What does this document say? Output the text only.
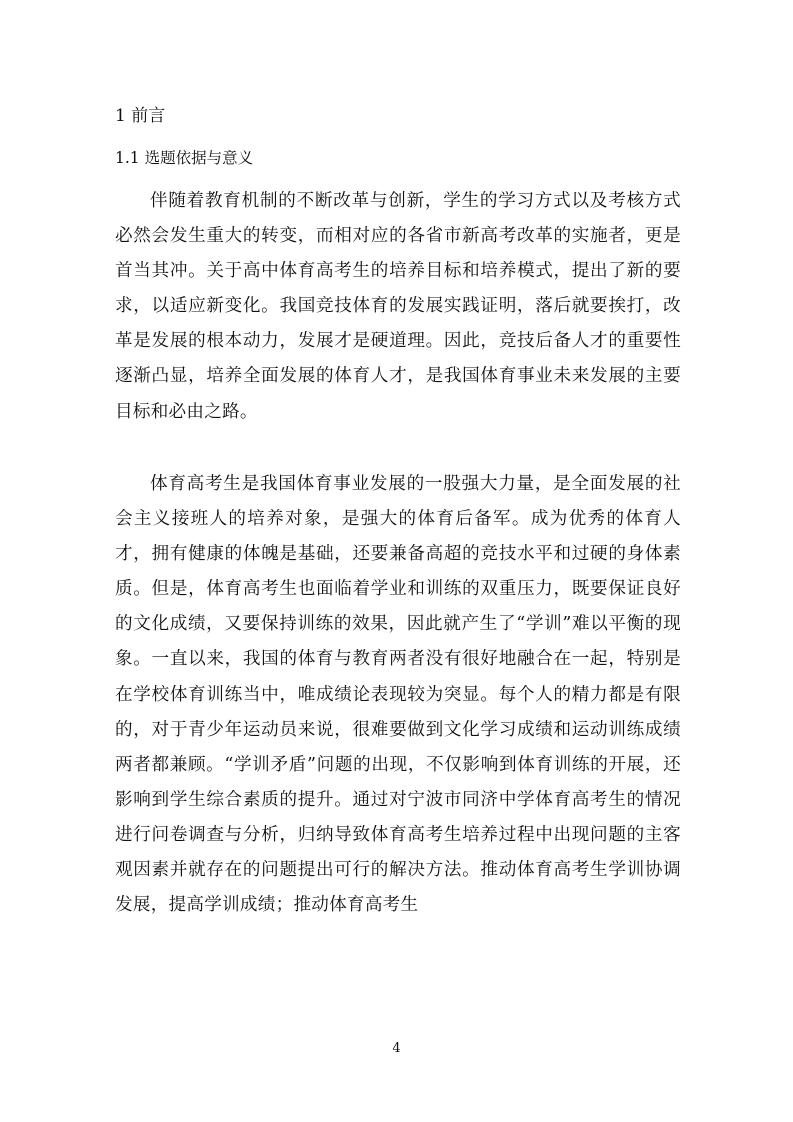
1 前言
1.1 选题依据与意义

伴随着教育机制的不断改革与创新，学生的学习方式以及考核方式必然会发生重大的转变，而相对应的各省市新高考改革的实施者，更是首当其冲。关于高中体育高考生的培养目标和培养模式，提出了新的要求，以适应新变化。我国竞技体育的发展实践证明，落后就要挨打，改革是发展的根本动力，发展才是硬道理。因此，竞技后备人才的重要性逐渐凸显，培养全面发展的体育人才，是我国体育事业未来发展的主要目标和必由之路。

体育高考生是我国体育事业发展的一股强大力量，是全面发展的社会主义接班人的培养对象，是强大的体育后备军。成为优秀的体育人才，拥有健康的体魄是基础，还要兼备高超的竞技水平和过硬的身体素质。但是，体育高考生也面临着学业和训练的双重压力，既要保证良好的文化成绩，又要保持训练的效果，因此就产生了“学训”难以平衡的现象。一直以来，我国的体育与教育两者没有很好地融合在一起，特别是在学校体育训练当中，唯成绩论表现较为突显。每个人的精力都是有限的，对于青少年运动员来说，很难要做到文化学习成绩和运动训练成绩两者都兼顾。“学训矛盾”问题的出现，不仅影响到体育训练的开展，还影响到学生综合素质的提升。通过对宁波市同济中学体育高考生的情况进行问卷调查与分析，归纳导致体育高考生培养过程中出现问题的主客观因素并就存在的问题提出可行的解决方法。推动体育高考生学训协调发展，提高学训成绩；推动体育高考生

4
